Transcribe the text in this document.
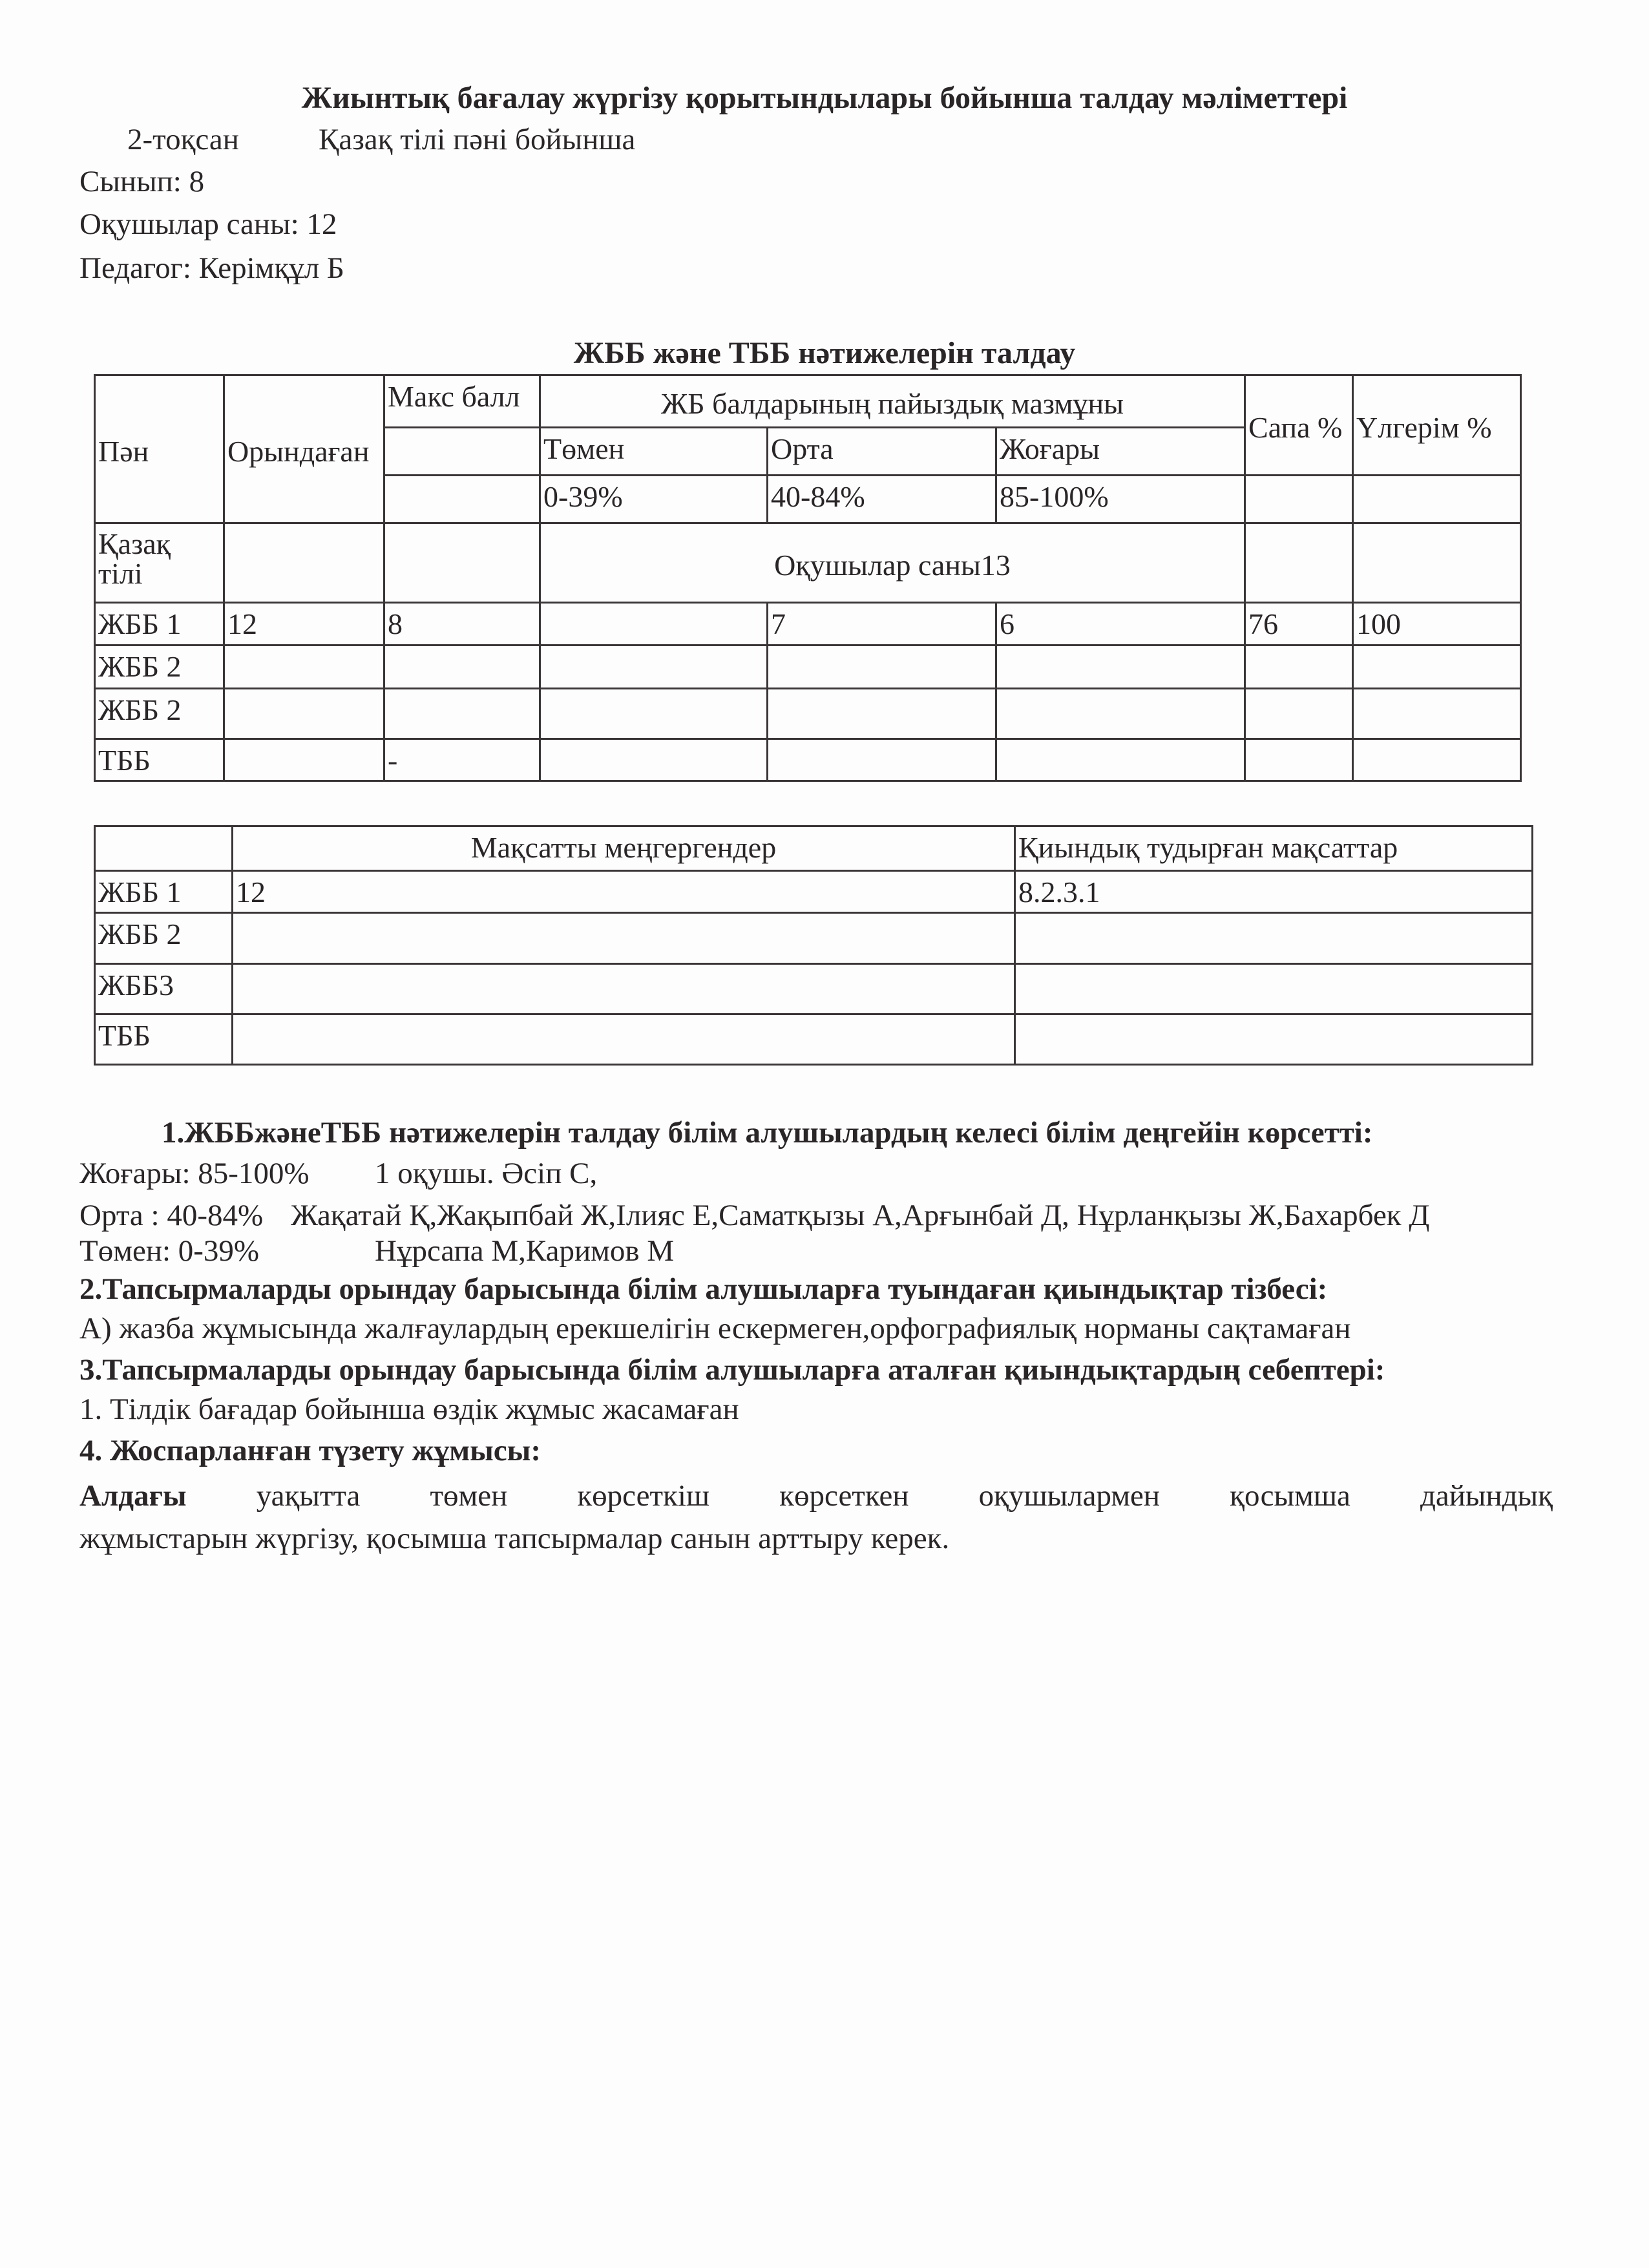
Жиынтық бағалау жүргізу қорытындылары бойынша талдау мәліметтері
2-тоқсан	Қазақ тілі пәні бойынша
Сынып: 8
Оқушылар саны: 12
Педагог: Керімқұл Б
ЖББ және ТББ нәтижелерін талдау
Пән	Орындаған	Макс балл	ЖБ балдарының пайыздық мазмұны			Сапа %	Үлгерім %
			Төмен	Орта	Жоғары		
			0-39%	40-84%	85-100%		
Қазақ тілі			Оқушылар саны13				
ЖББ 1	12	8		7	6	76	100
ЖББ 2							
ЖББ 2							
ТББ		-					
	Мақсатты меңгергендер	Қиындық тудырған мақсаттар
ЖББ 1	12	8.2.3.1
ЖББ 2		
ЖББ3		
ТББ		
1.ЖББжәнеТББ нәтижелерін талдау білім алушылардың келесі білім деңгейін көрсетті:
Жоғары: 85-100% 1 оқушы. Әсіп С,
Орта : 40-84% Жақатай Қ,Жақыпбай Ж,Ілияс Е,Саматқызы А,Арғынбай Д, Нұрланқызы Ж,Бахарбек Д
Төмен: 0-39%	Нұрсапа М,Каримов М
2.Тапсырмаларды орындау барысында білім алушыларға туындаған қиындықтар тізбесі:
А) жазба жұмысында жалғаулардың ерекшелігін ескермеген,орфографиялық норманы сақтамаған
3.Тапсырмаларды орындау барысында білім алушыларға аталған қиындықтардың себептері:
1. Тілдік бағадар бойынша өздік жұмыс жасамаған
4. Жоспарланған түзету жұмысы:
Алдағы уақытта төмен көрсеткіш көрсеткен оқушылармен қосымша дайындық
жұмыстарын жүргізу, қосымша тапсырмалар санын арттыру керек.
